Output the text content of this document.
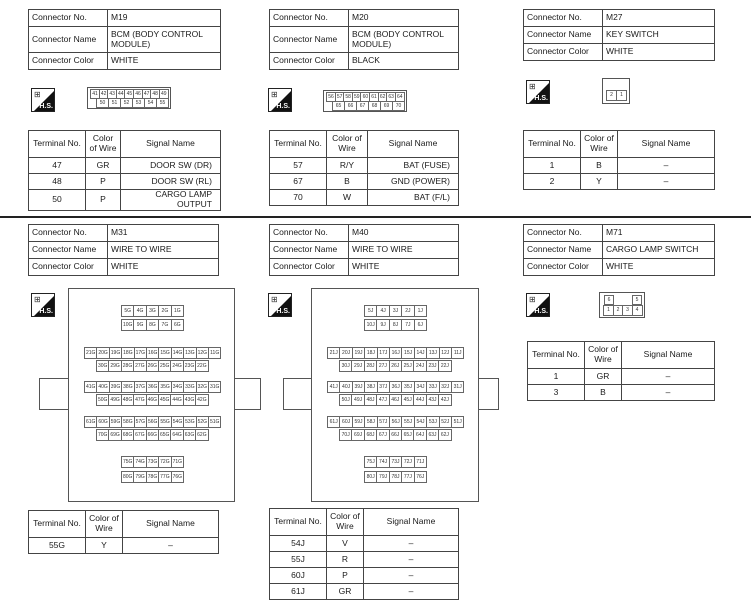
Connector No.	M19
Connector Name	BCM (BODY CONTROL MODULE)
Connector Color	WHITE
⊞
H.S.
41 42 43 44 45 46 47 48 49
50	51	52	53	54	55
Terminal No.	Color of Wire	Signal Name
47	GR	DOOR SW (DR)
48	P	DOOR SW (RL)
50	P	CARGO LAMP OUTPUT
Connector No.	M20
Connector Name	BCM (BODY CONTROL MODULE)
Connector Color	BLACK
⊞
H.S.
56 57 58 59 60 61 62 63 64
65	66	67	68	69	70
Terminal No.	Color of Wire	Signal Name
57	R/Y	BAT (FUSE)
67	B	GND (POWER)
70	W	BAT (F/L)
Connector No.	M27
Connector Name	KEY SWITCH
Connector Color	WHITE
⊞
H.S.	2	1
Terminal No.	Color of Wire	Signal Name
1	B	–
2	Y	–
Connector No.	M31
Connector Name	WIRE TO WIRE
Connector Color	WHITE
⊞
H.S.	5G	4G	3G	2G	1G
10G 9G	8G	7G	6G
21G 20G 19G 18G 17G 16G 15G 14G 13G 12G 11G
30G 29G 28G 27G 26G 25G 24G 23G 22G
41G 40G 39G 38G 37G 36G 35G 34G 33G 32G 31G
50G 49G 48G 47G 46G 45G 44G 43G 42G
61G 60G 59G 58G 57G 56G 55G 54G 53G 52G 51G
70G 69G 68G 67G 66G 65G 64G 63G 62G
75G 74G 73G 72G 71G
80G 79G 78G 77G 76G
Terminal No.	Color of Wire	Signal Name
55G	Y	–
Connector No.	M40
Connector Name	WIRE TO WIRE
Connector Color	WHITE
⊞
H.S.	5J	4J	3J	2J	1J
10J	9J	8J	7J	6J
21J 20J 19J 18J 17J 16J 15J 14J 13J 12J 11J
30J 29J 28J 27J 26J 25J 24J 23J 22J
41J 40J 39J 38J 37J 36J 35J 34J 33J 32J 31J
50J 49J 48J 47J 46J 45J 44J 43J 42J
61J 60J 59J 58J 57J 56J 55J 54J 53J 52J 51J
70J 69J 68J 67J 66J 65J 64J 63J 62J
75J 74J 73J 72J 71J
80J 79J 78J 77J 76J
Terminal No.	Color of Wire	Signal Name
54J	V	–
55J	R	–
60J	P	–
61J	GR	–
Connector No.	M71
Connector Name	CARGO LAMP SWITCH
Connector Color	WHITE
⊞
H.S.
6	5
1	2	3	4
Terminal No.	Color of Wire	Signal Name
1	GR	–
3	B	–
